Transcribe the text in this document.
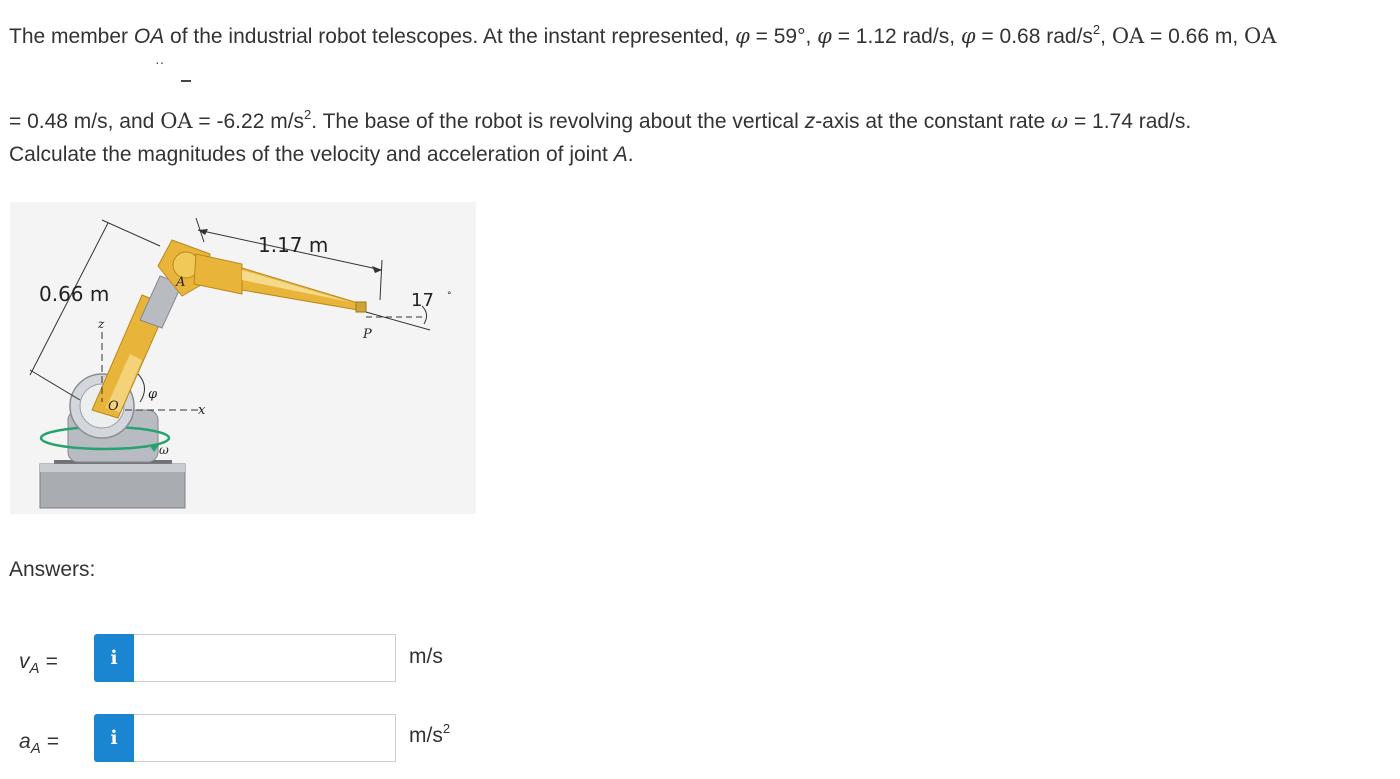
The member OA of the industrial robot telescopes. At the instant represented, φ = 59°, φ = 1.12 rad/s, φ = 0.68 rad/$s^2$, OA = 0.66 m, OA
··
= 0.48 m/s, and OA = -6.22 $m/s^2$. The base of the robot is revolving about the vertical z-axis at the constant rate ω = 1.74 rad/s.
Calculate the magnitudes of the velocity and acceleration of joint A.
1.17 m
0.66 m	17 °
A
O
P
z
x
φ
ω
Answers:
$v_A$ =	i	m/s
$a_A$ =	i	$m/s^2$
